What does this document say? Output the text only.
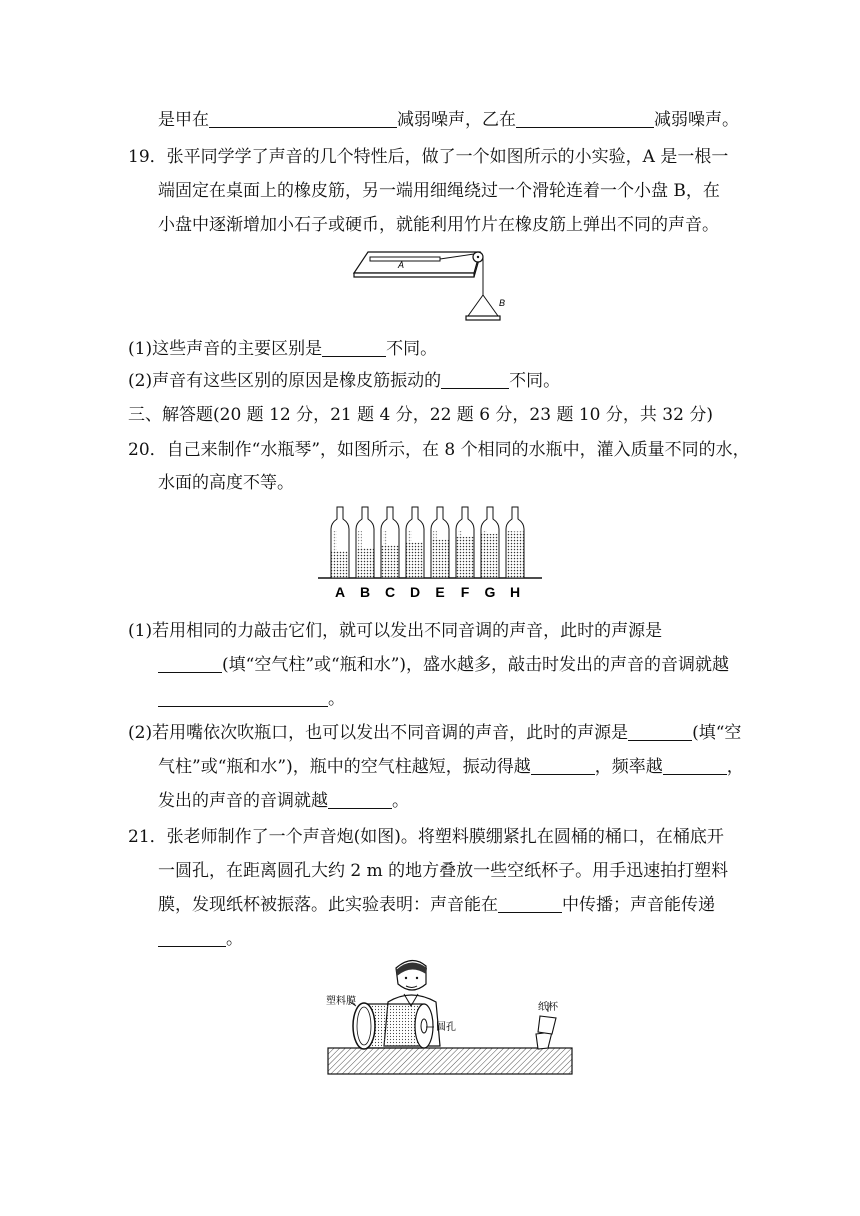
是甲在	减弱噪声，乙在	减弱噪声。
19．张平同学学了声音的几个特性后，做了一个如图所示的小实验，A 是一根一
端固定在桌面上的橡皮筋，另一端用细绳绕过一个滑轮连着一个小盘 B，在
小盘中逐渐增加小石子或硬币，就能利用竹片在橡皮筋上弹出不同的声音。
A
B
(1)这些声音的主要区别是	不同。
(2)声音有这些区别的原因是橡皮筋振动的	不同。
三、解答题(20 题 12 分，21 题 4 分，22 题 6 分，23 题 10 分，共 32 分)
20．自己来制作“水瓶琴”，如图所示，在 8 个相同的水瓶中，灌入质量不同的水，
水面的高度不等。
A B C D E F G H
(1)若用相同的力敲击它们，就可以发出不同音调的声音，此时的声源是
(填“空气柱”或“瓶和水”)，盛水越多，敲击时发出的声音的音调就越
。
(2)若用嘴依次吹瓶口，也可以发出不同音调的声音，此时的声源是	(填“空
气柱”或“瓶和水”)，瓶中的空气柱越短，振动得越	，频率越	，
发出的声音的音调就越	。
21．张老师制作了一个声音炮(如图)。将塑料膜绷紧扎在圆桶的桶口，在桶底开
一圆孔，在距离圆孔大约 2 m 的地方叠放一些空纸杯子。用手迅速拍打塑料
膜，发现纸杯被振落。此实验表明：声音能在	中传播；声音能传递
。
塑料膜
圆孔
纸杯
